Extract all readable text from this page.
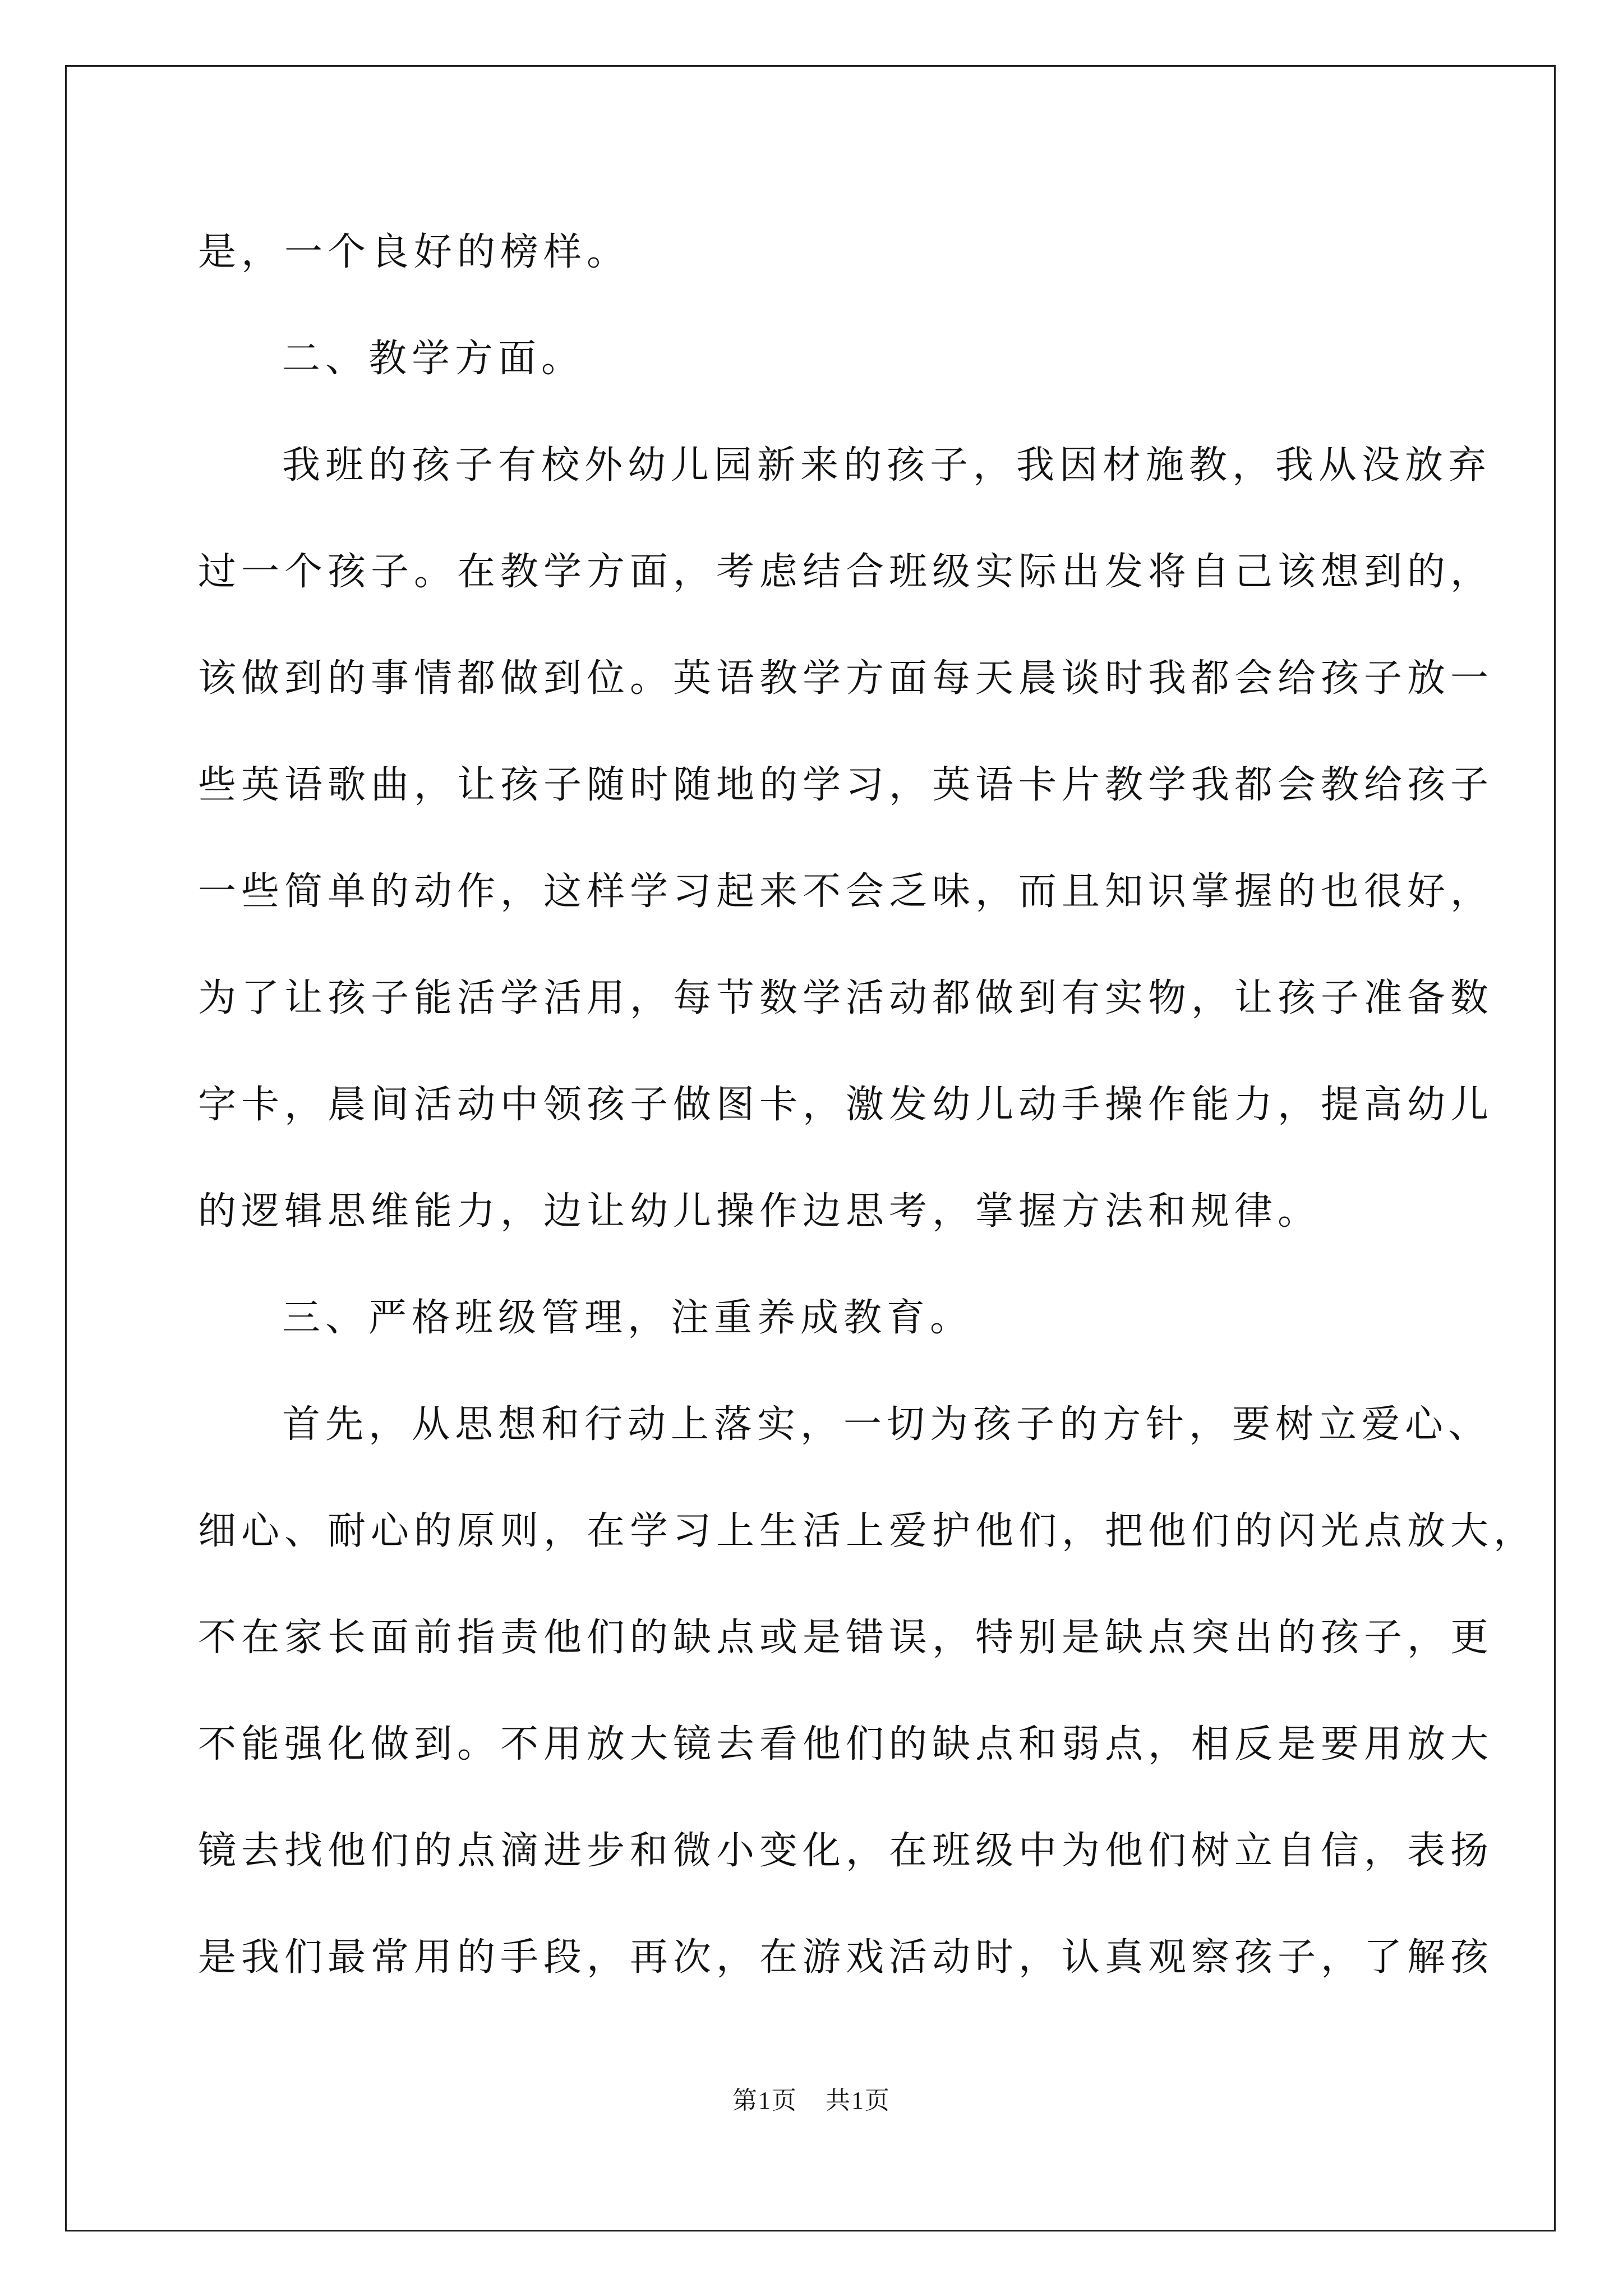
是，一个良好的榜样。
二、教学方面。
我班的孩子有校外幼儿园新来的孩子，我因材施教，我从没放弃
过一个孩子。在教学方面，考虑结合班级实际出发将自己该想到的，
该做到的事情都做到位。英语教学方面每天晨谈时我都会给孩子放一
些英语歌曲，让孩子随时随地的学习，英语卡片教学我都会教给孩子
一些简单的动作，这样学习起来不会乏味，而且知识掌握的也很好，
为了让孩子能活学活用，每节数学活动都做到有实物，让孩子准备数
字卡，晨间活动中领孩子做图卡，激发幼儿动手操作能力，提高幼儿
的逻辑思维能力，边让幼儿操作边思考，掌握方法和规律。
三、严格班级管理，注重养成教育。
首先，从思想和行动上落实，一切为孩子的方针，要树立爱心、
细心、耐心的原则，在学习上生活上爱护他们，把他们的闪光点放大，
不在家长面前指责他们的缺点或是错误，特别是缺点突出的孩子，更
不能强化做到。不用放大镜去看他们的缺点和弱点，相反是要用放大
镜去找他们的点滴进步和微小变化，在班级中为他们树立自信，表扬
是我们最常用的手段，再次，在游戏活动时，认真观察孩子，了解孩
第1页 共1页
